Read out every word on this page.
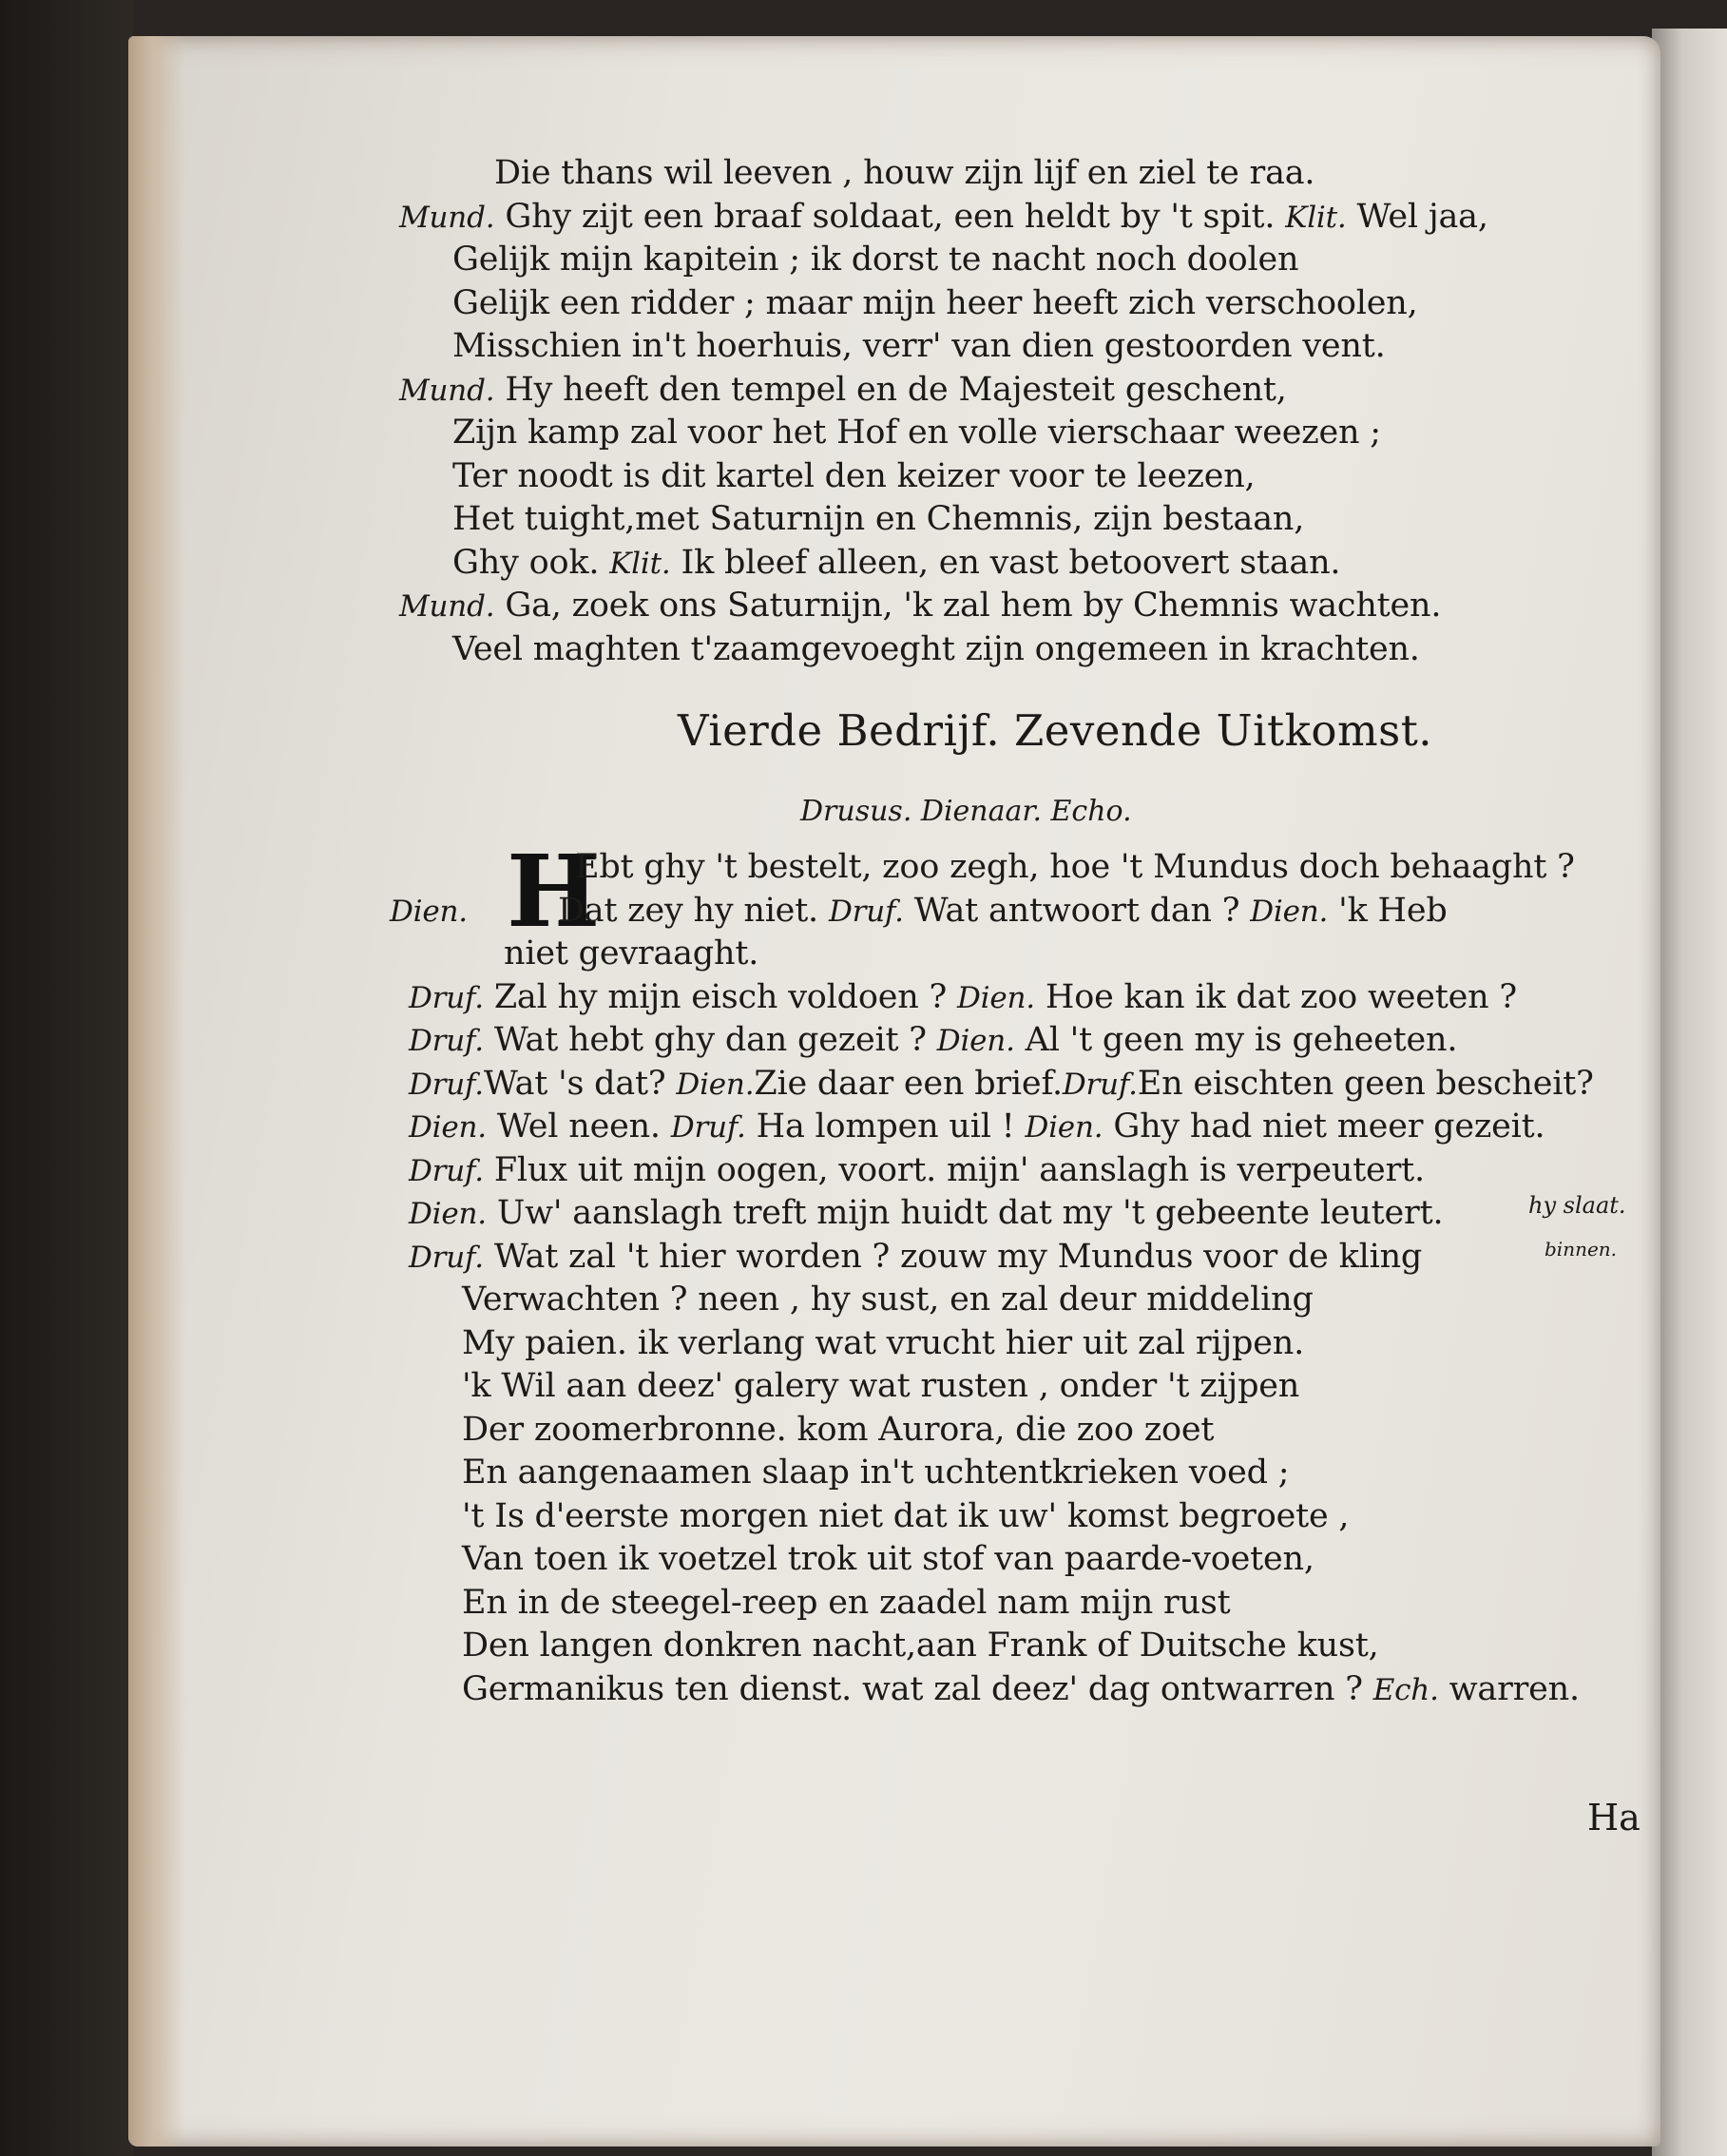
Die thans wil leeven , houw zijn lijf en ziel te raa.
Mund. Ghy zijt een braaf soldaat, een heldt by 't spit. Klit. Wel jaa,
Gelijk mijn kapitein ; ik dorst te nacht noch doolen
Gelijk een ridder ; maar mijn heer heeft zich verschoolen,
Misschien in't hoerhuis, verr' van dien gestoorden vent.
Mund. Hy heeft den tempel en de Majesteit geschent,
Zijn kamp zal voor het Hof en volle vierschaar weezen ;
Ter noodt is dit kartel den keizer voor te leezen,
Het tuight,met Saturnijn en Chemnis, zijn bestaan,
Ghy ook. Klit. Ik bleef alleen, en vast betoovert staan.
Mund. Ga, zoek ons Saturnijn, 'k zal hem by Chemnis wachten.
Veel maghten t'zaamgevoeght zijn ongemeen in krachten.
Vierde Bedrijf. Zevende Uitkomst.
Drusus. Dienaar. Echo.
H
Ebt ghy 't bestelt, zoo zegh, hoe 't Mundus doch behaaght ?
Dien.	Dat zey hy niet. Druf. Wat antwoort dan ? Dien. 'k Heb
niet gevraaght.
Druf. Zal hy mijn eisch voldoen ? Dien. Hoe kan ik dat zoo weeten ?
Druf. Wat hebt ghy dan gezeit ? Dien. Al 't geen my is geheeten.
Druf.Wat 's dat? Dien.Zie daar een brief.Druf.En eischten geen bescheit?
Dien. Wel neen. Druf. Ha lompen uil ! Dien. Ghy had niet meer gezeit.
Druf. Flux uit mijn oogen, voort. mijn' aanslagh is verpeutert.
Dien. Uw' aanslagh treft mijn huidt dat my 't gebeente leutert.
Druf. Wat zal 't hier worden ? zouw my Mundus voor de kling
Verwachten ? neen , hy sust, en zal deur middeling
My paien. ik verlang wat vrucht hier uit zal rijpen.
'k Wil aan deez' galery wat rusten , onder 't zijpen
Der zoomerbronne. kom Aurora, die zoo zoet
En aangenaamen slaap in't uchtentkrieken voed ;
't Is d'eerste morgen niet dat ik uw' komst begroete ,
Van toen ik voetzel trok uit stof van paarde-voeten,
En in de steegel-reep en zaadel nam mijn rust
Den langen donkren nacht,aan Frank of Duitsche kust,
Germanikus ten dienst. wat zal deez' dag ontwarren ? Ech. warren.
hy slaat.
binnen.
Ha
